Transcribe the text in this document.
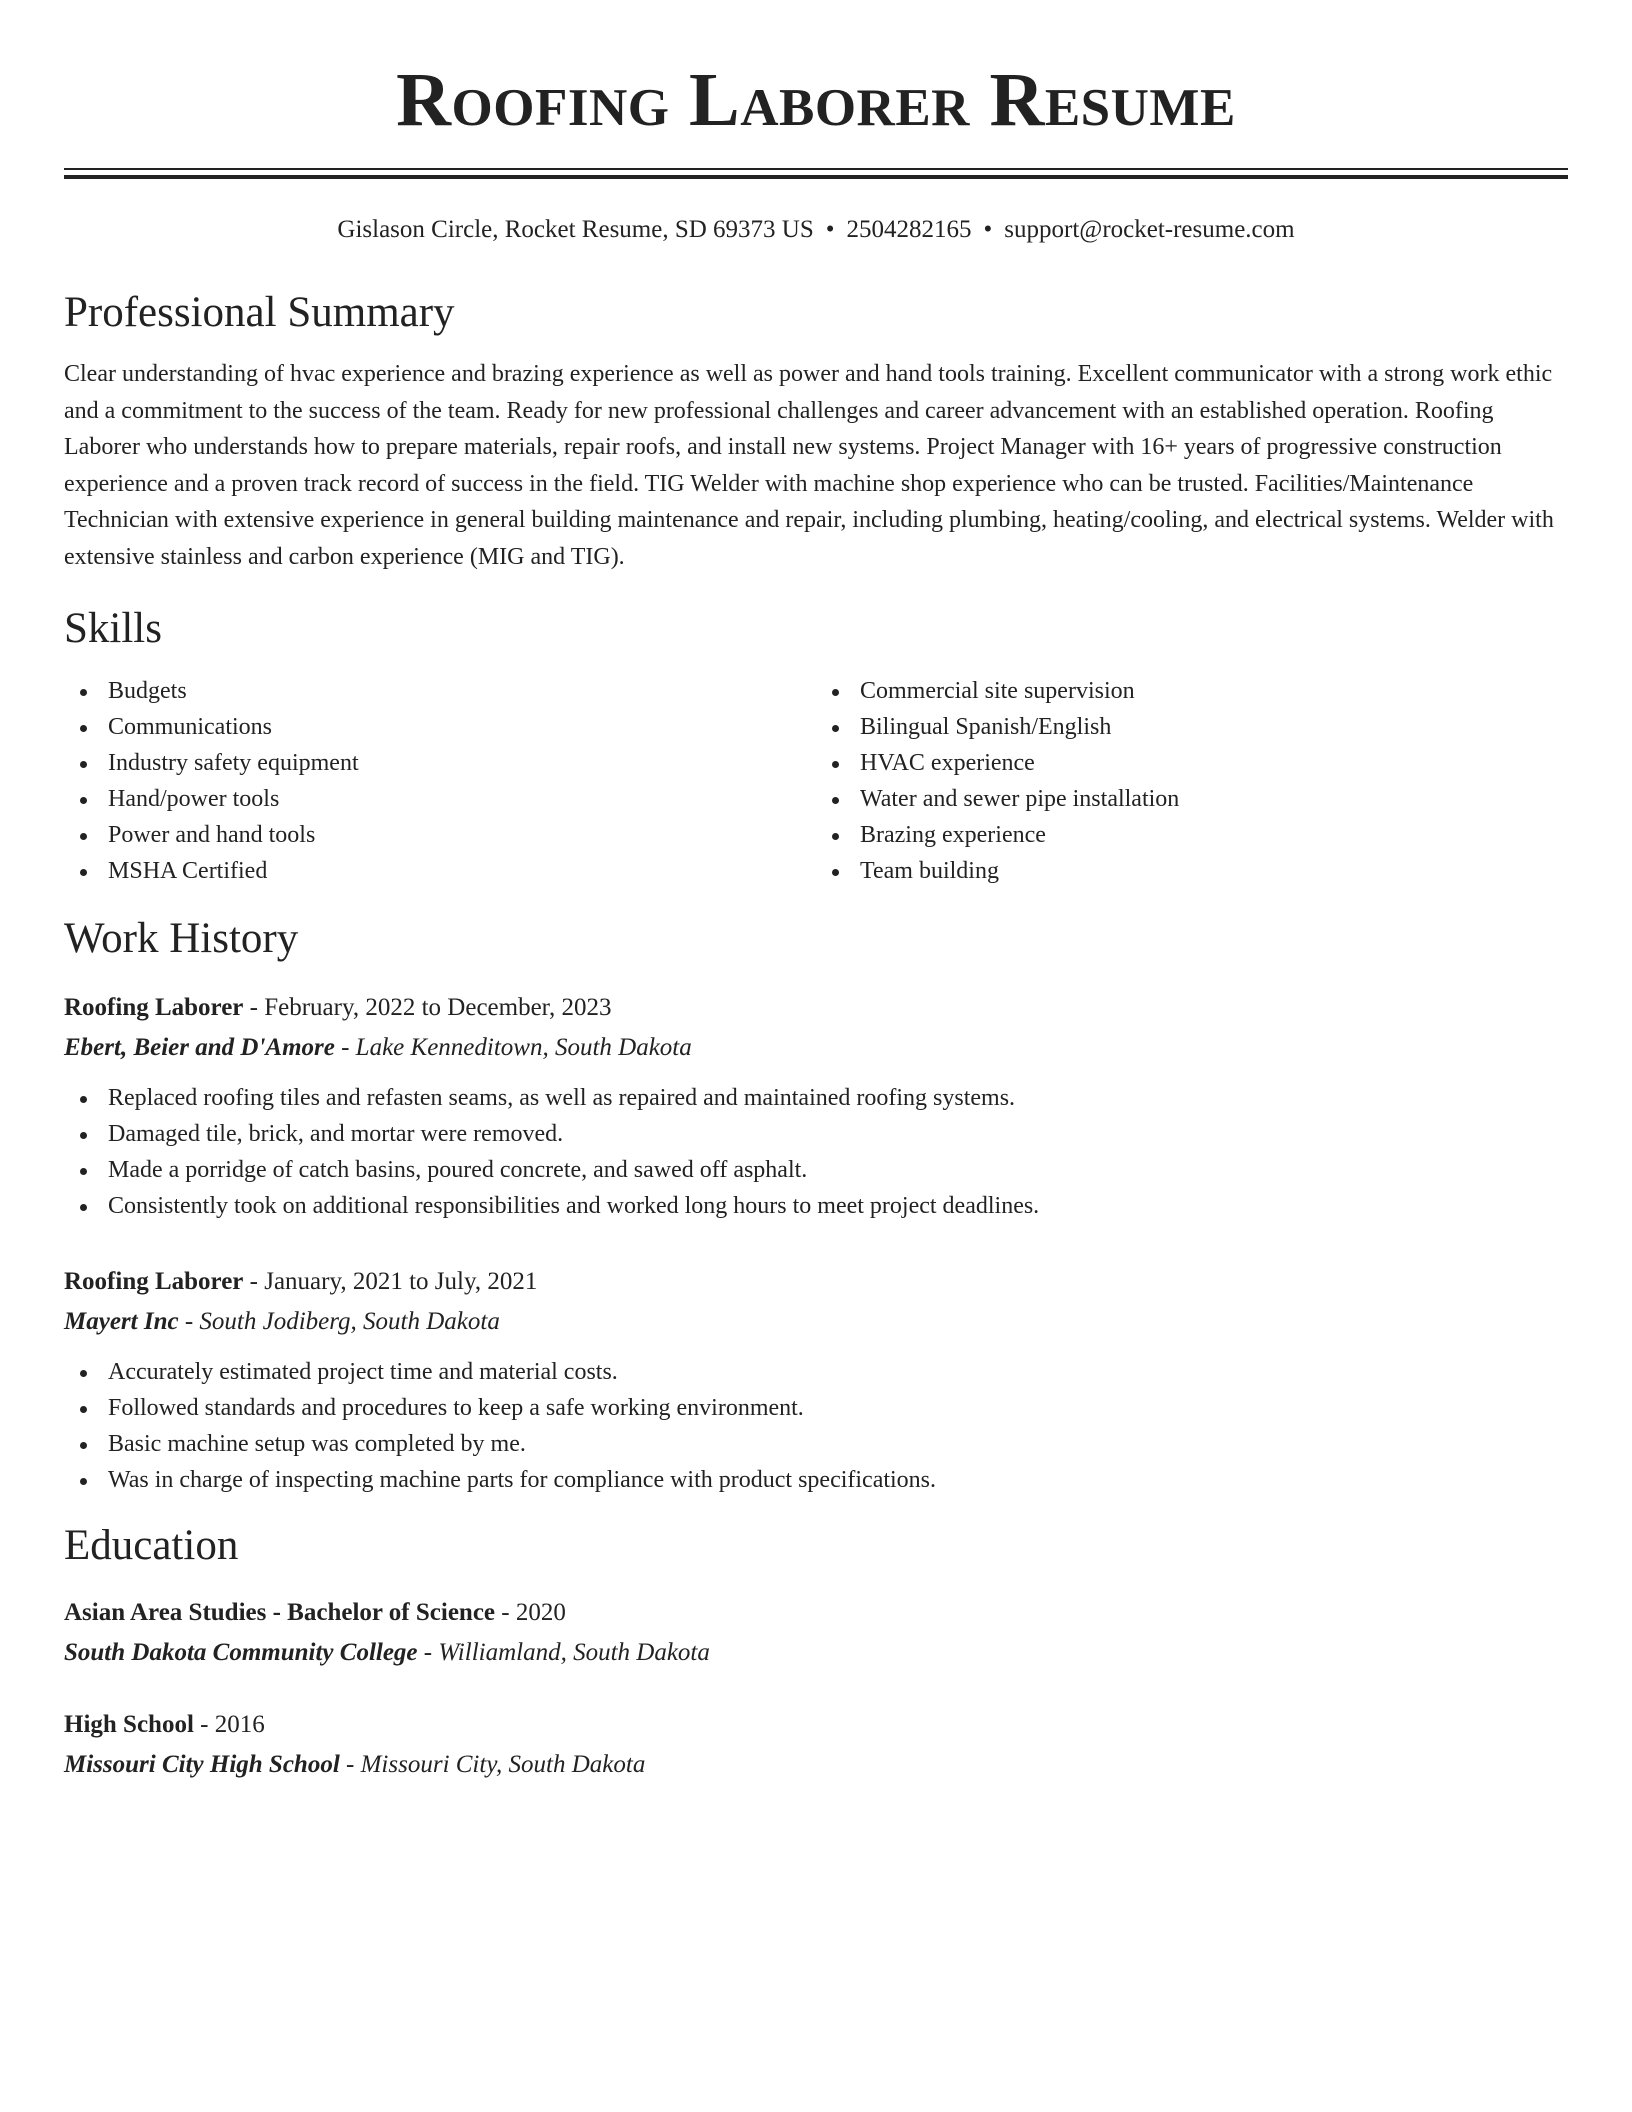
Roofing Laborer Resume
Gislason Circle, Rocket Resume, SD 69373 US • 2504282165 • support@rocket-resume.com
Professional Summary

Clear understanding of hvac experience and brazing experience as well as power and hand tools training. Excellent communicator with a strong work ethic and a commitment to the success of the team. Ready for new professional challenges and career advancement with an established operation. Roofing Laborer who understands how to prepare materials, repair roofs, and install new systems. Project Manager with 16+ years of progressive construction experience and a proven track record of success in the field. TIG Welder with machine shop experience who can be trusted. Facilities/Maintenance Technician with extensive experience in general building maintenance and repair, including plumbing, heating/cooling, and electrical systems. Welder with extensive stainless and carbon experience (MIG and TIG).

Skills
Budgets
Communications
Industry safety equipment
Hand/power tools
Power and hand tools
MSHA Certified
Commercial site supervision
Bilingual Spanish/English
HVAC experience
Water and sewer pipe installation
Brazing experience
Team building
Work History
Roofing Laborer - February, 2022 to December, 2023
Ebert, Beier and D'Amore - Lake Kenneditown, South Dakota
Replaced roofing tiles and refasten seams, as well as repaired and maintained roofing systems.
Damaged tile, brick, and mortar were removed.
Made a porridge of catch basins, poured concrete, and sawed off asphalt.
Consistently took on additional responsibilities and worked long hours to meet project deadlines.
Roofing Laborer - January, 2021 to July, 2021
Mayert Inc - South Jodiberg, South Dakota
Accurately estimated project time and material costs.
Followed standards and procedures to keep a safe working environment.
Basic machine setup was completed by me.
Was in charge of inspecting machine parts for compliance with product specifications.
Education
Asian Area Studies - Bachelor of Science - 2020
South Dakota Community College - Williamland, South Dakota
High School - 2016
Missouri City High School - Missouri City, South Dakota
